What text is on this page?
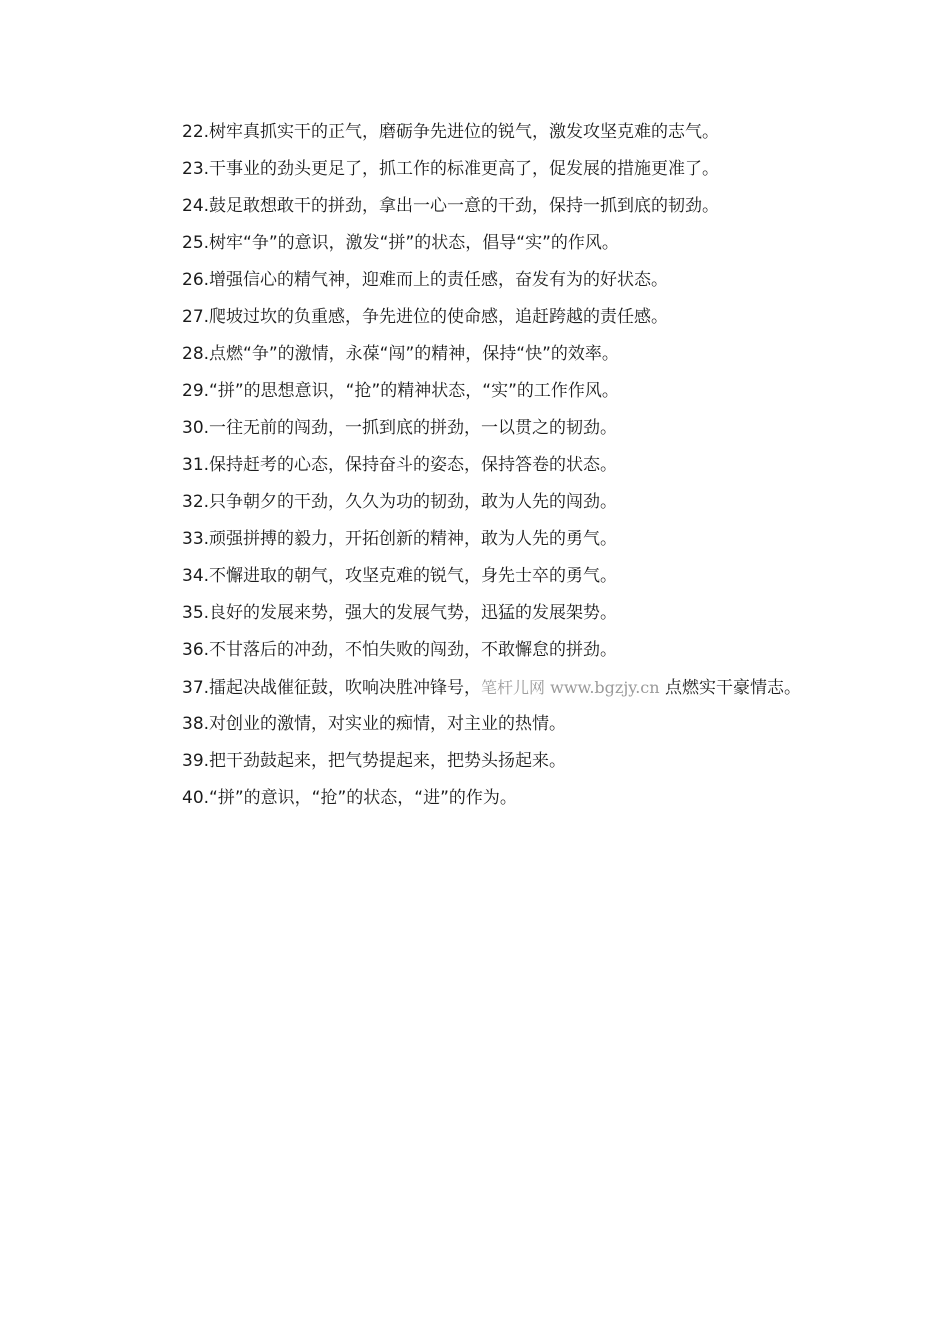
22.树牢真抓实干的正气，磨砺争先进位的锐气，激发攻坚克难的志气。

23.干事业的劲头更足了，抓工作的标准更高了，促发展的措施更准了。

24.鼓足敢想敢干的拼劲，拿出一心一意的干劲，保持一抓到底的韧劲。

25.树牢“争”的意识，激发“拼”的状态，倡导“实”的作风。

26.增强信心的精气神，迎难而上的责任感，奋发有为的好状态。

27.爬坡过坎的负重感，争先进位的使命感，追赶跨越的责任感。

28.点燃“争”的激情，永葆“闯”的精神，保持“快”的效率。

29.“拼”的思想意识，“抢”的精神状态，“实”的工作作风。

30.一往无前的闯劲，一抓到底的拼劲，一以贯之的韧劲。

31.保持赶考的心态，保持奋斗的姿态，保持答卷的状态。

32.只争朝夕的干劲，久久为功的韧劲，敢为人先的闯劲。

33.顽强拼搏的毅力，开拓创新的精神，敢为人先的勇气。

34.不懈进取的朝气，攻坚克难的锐气，身先士卒的勇气。

35.良好的发展来势，强大的发展气势，迅猛的发展架势。

36.不甘落后的冲劲，不怕失败的闯劲，不敢懈怠的拼劲。

37.擂起决战催征鼓，吹响决胜冲锋号，笔杆儿网 www.bgzjy.cn 点燃实干豪情志。

38.对创业的激情，对实业的痴情，对主业的热情。

39.把干劲鼓起来，把气势提起来，把势头扬起来。

40.“拼”的意识，“抢”的状态，“进”的作为。
